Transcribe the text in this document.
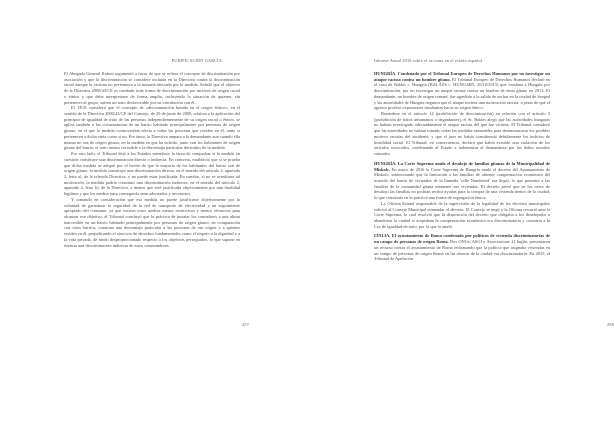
PURIFICACIÓN GARCÍA

El Abogado General Kokott argumentó a favor de que se refiera el concepto de discriminación por asociación y que la discriminación se considere incluida en la Directiva contra la discriminación racial aunque la víctima no pertenezca a la minoría afectada por la medida. Señaló que el objetivo de la Directiva 2000/43/CE es combatir toda forma de discriminación por motivos de origen racial o étnico y que debe interpretarse de forma amplia, incluyendo la situación de quienes, sin pertenecer al grupo, sufren un trato desfavorable por su vinculación con él.

El TJCE consideró que el concepto de «discriminación basada en el origen étnico», en el sentido de la Directiva 2000/43/CE del Consejo, de 29 de junio de 2000, relativa a la aplicación del principio de igualdad de trato de las personas independientemente de su origen racial o étnico, se aplica también a las circunstancias de un barrio habitado principalmente por personas de origen gitano, en el que la medida controvertida afecta a todas las personas que residen en él, tanto si pertenecen a dicha etnia como si no. Por tanto, la Directiva ampara a la demandante aun cuando ella misma no sea de origen gitano, en la medida en que ha sufrido, junto con los habitantes de origen gitano del barrio, el trato menos favorable o la desventaja particular derivados de la medida.

Por otro lado, el Tribunal dejó a los Estados miembros la tarea de comprobar si la medida en cuestión constituye una discriminación directa o indirecta. En concreto, estableció que si se prueba que dicha medida se adoptó por el hecho de que la mayoría de los habitantes del barrio son de origen gitano, la medida constituye una discriminación directa, en el sentido del artículo 2, apartado 2, letra a), de la referida Directiva, y no puede estar justificada. En cambio, si no se acreditara tal motivación, la medida podría constituir una discriminación indirecta, en el sentido del artículo 2, apartado 2, letra b), de la Directiva, a menos que esté justificada objetivamente por una finalidad legítima y que los medios para conseguirla sean adecuados y necesarios.

Y tomando en consideración que esa medida no puede justificarse objetivamente por la voluntad de garantizar la seguridad de la red de transporte de electricidad y un seguimiento apropiado del consumo, ya que existen otros medios menos restrictivos y menos ofensivos para alcanzar ese objetivo, el Tribunal concluyó que la práctica de instalar los contadores a una altura inaccesible en un barrio habitado principalmente por personas de origen gitano, en comparación con otros barrios, ocasiona una desventaja particular a las personas de ese origen y a quienes residen en él, perjudicando el ejercicio de derechos fundamentales como el respeto a la dignidad y a la vida privada, de modo desproporcionado respecto a los objetivos perseguidos, lo que supone en esencia una discriminación indirecta de estos consumidores.

257
Informe Anual 2016 sobre el racismo en el estado español

HUNGRÍA. Condenado por el Tribunal Europeo de Derechos Humanos por no investigar un ataque racista contra un hombre gitano. El Tribunal Europeo de Derechos Humanos declaró en el caso de Balázs c. Hungría (BALÁZS c. HUNGARY, 20/10/2015) que condena a Hungría por discriminación, por no investigar un ataque racista contra un hombre de etnia gitano en 2013. El demandante, un hombre de origen romaní, fue agredido a la salida de un bar en la ciudad de Szeged y las autoridades de Hungría negaron que el ataque tuviera una motivación racista, a pesar de que el agresor profirió expresiones insultantes hacia su origen étnico.

Basándose en el artículo 14 (prohibición de discriminación) en relación con el artículo 3 (prohibición de tratos inhumanos o degradantes), el Sr. Balázs alegó que las autoridades húngaras no habían investigado adecuadamente el ataque racista del que fue víctima. El Tribunal consideró que las autoridades no habían tomado todas las medidas razonables para desenmascarar los posibles motivos racistas del incidente, y que el juez no había considerado debidamente los indicios de hostilidad racial. El Tribunal, en consecuencia, declaró que había existido una violación de los artículos invocados, condenando al Estado a indemnizar al demandante por los daños morales causados.

HUNGRÍA. La Corte Suprema anula el desalojo de familias gitanas de la Municipalidad de Miskolc. En mayo de 2016 la Corte Suprema de Hungría anuló el decreto del Ayuntamiento de Miskolc, sentenciando que la limitación a las familias de obtener compensación económica del acuerdo del barrio de viviendas de la llamada 'calle Numbered' era ilegal, lo que permitió a las familias de la comunidad gitana mantener sus viviendas. El decreto prevé que en los casos de desalojo las familias no podrían recibir ayudas para la compra de una vivienda dentro de la ciudad, lo que constituía en la práctica una forma de segregación étnica.

La Oficina Estatal responsable de la supervisión de la legalidad de los decretos municipales solicitó al Consejo Municipal enmendar el decreto. El Consejo se negó y la Oficina recurrió ante la Corte Suprema, la cual resolvió que la disposición del decreto que obligaba a los desalojados a abandonar la ciudad si aceptaban la compensación económica era discriminatoria y contraria a la Ley de igualdad de trato, por lo que la anuló.

ITALIA. El ayuntamiento de Roma condenado por políticas de vivienda discriminatorias de un campo de personas de origen Roma. Dos ONGs, ASGI y Associazione 21 luglio, presentaron un recurso contra el ayuntamiento de Roma reclamando que la política que asignaba viviendas en un campo de personas de origen Roma en las afueras de la ciudad era discriminatoria. En 2015, el Tribunal de Apelación

258
